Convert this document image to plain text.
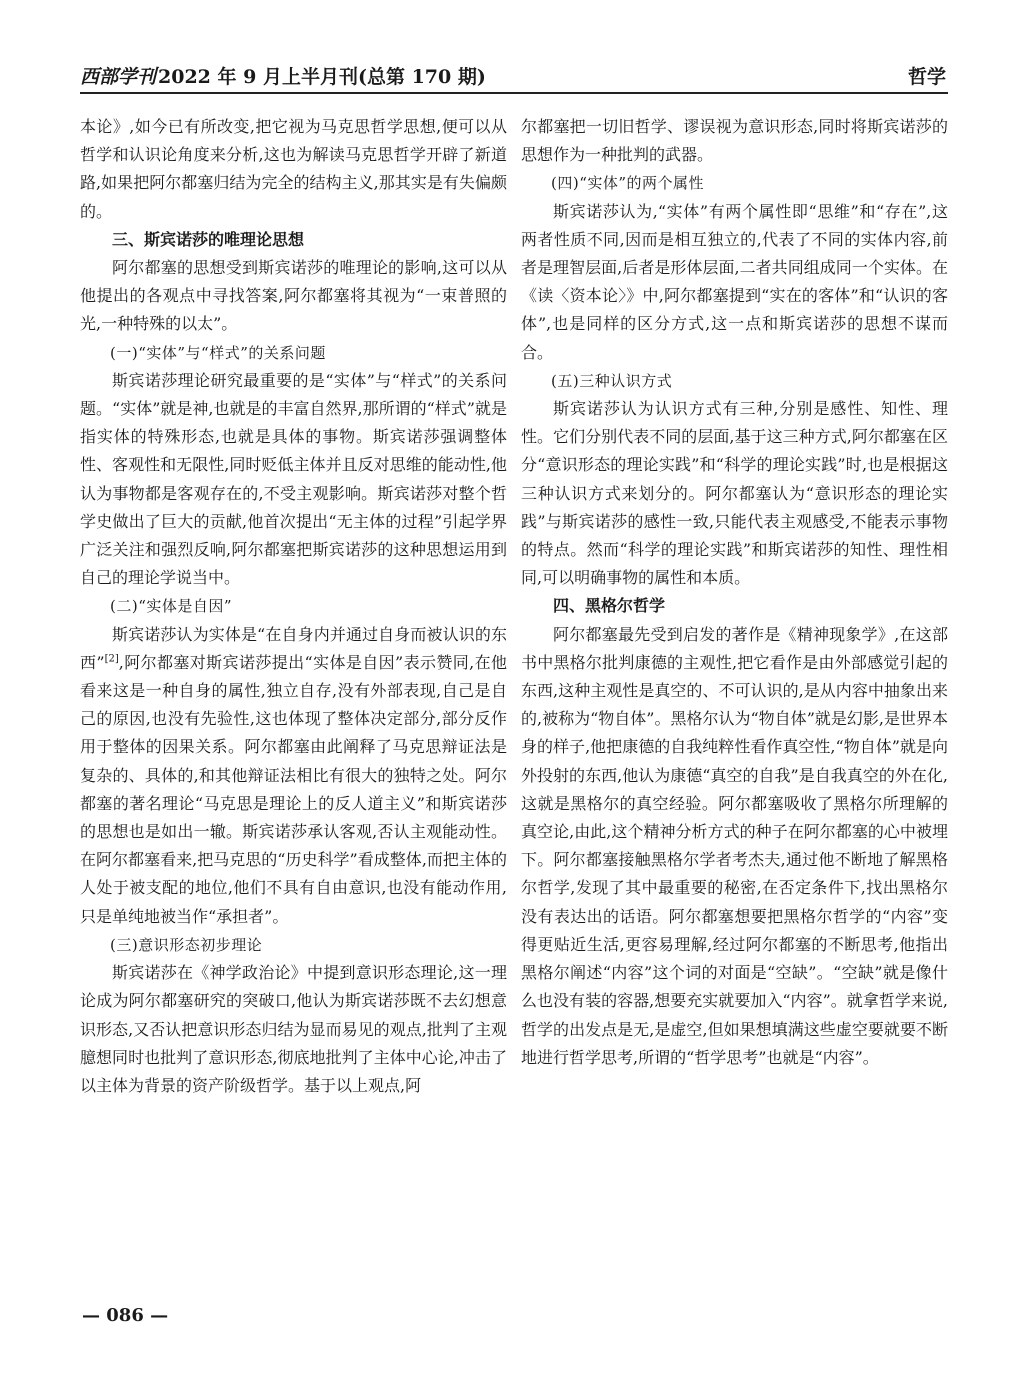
西部学刊 2022 年 9 月上半月刊(总第 170 期)	哲学

本论》,如今已有所改变,把它视为马克思哲学思想,便可以从哲学和认识论角度来分析,这也为解读马克思哲学开辟了新道路,如果把阿尔都塞归结为完全的结构主义,那其实是有失偏颇的。

三、斯宾诺莎的唯理论思想

阿尔都塞的思想受到斯宾诺莎的唯理论的影响,这可以从他提出的各观点中寻找答案,阿尔都塞将其视为“一束普照的光,一种特殊的以太”。

(一)“实体”与“样式”的关系问题

斯宾诺莎理论研究最重要的是“实体”与“样式”的关系问题。“实体”就是神,也就是的丰富自然界,那所谓的“样式”就是指实体的特殊形态,也就是具体的事物。斯宾诺莎强调整体性、客观性和无限性,同时贬低主体并且反对思维的能动性,他认为事物都是客观存在的,不受主观影响。斯宾诺莎对整个哲学史做出了巨大的贡献,他首次提出“无主体的过程”引起学界广泛关注和强烈反响,阿尔都塞把斯宾诺莎的这种思想运用到自己的理论学说当中。

(二)“实体是自因”

斯宾诺莎认为实体是“在自身内并通过自身而被认识的东西”[2],阿尔都塞对斯宾诺莎提出“实体是自因”表示赞同,在他看来这是一种自身的属性,独立自存,没有外部表现,自己是自己的原因,也没有先验性,这也体现了整体决定部分,部分反作用于整体的因果关系。阿尔都塞由此阐释了马克思辩证法是复杂的、具体的,和其他辩证法相比有很大的独特之处。阿尔都塞的著名理论“马克思是理论上的反人道主义”和斯宾诺莎的思想也是如出一辙。斯宾诺莎承认客观,否认主观能动性。在阿尔都塞看来,把马克思的“历史科学”看成整体,而把主体的人处于被支配的地位,他们不具有自由意识,也没有能动作用,只是单纯地被当作“承担者”。

(三)意识形态初步理论

斯宾诺莎在《神学政治论》中提到意识形态理论,这一理论成为阿尔都塞研究的突破口,他认为斯宾诺莎既不去幻想意识形态,又否认把意识形态归结为显而易见的观点,批判了主观臆想同时也批判了意识形态,彻底地批判了主体中心论,冲击了以主体为背景的资产阶级哲学。基于以上观点,阿

尔都塞把一切旧哲学、谬误视为意识形态,同时将斯宾诺莎的思想作为一种批判的武器。

(四)“实体”的两个属性

斯宾诺莎认为,“实体”有两个属性即“思维”和“存在”,这两者性质不同,因而是相互独立的,代表了不同的实体内容,前者是理智层面,后者是形体层面,二者共同组成同一个实体。在《读〈资本论〉》中,阿尔都塞提到“实在的客体”和“认识的客体”,也是同样的区分方式,这一点和斯宾诺莎的思想不谋而合。

(五)三种认识方式

斯宾诺莎认为认识方式有三种,分别是感性、知性、理性。它们分别代表不同的层面,基于这三种方式,阿尔都塞在区分“意识形态的理论实践”和“科学的理论实践”时,也是根据这三种认识方式来划分的。阿尔都塞认为“意识形态的理论实践”与斯宾诺莎的感性一致,只能代表主观感受,不能表示事物的特点。然而“科学的理论实践”和斯宾诺莎的知性、理性相同,可以明确事物的属性和本质。

四、黑格尔哲学

阿尔都塞最先受到启发的著作是《精神现象学》,在这部书中黑格尔批判康德的主观性,把它看作是由外部感觉引起的东西,这种主观性是真空的、不可认识的,是从内容中抽象出来的,被称为“物自体”。黑格尔认为“物自体”就是幻影,是世界本身的样子,他把康德的自我纯粹性看作真空性,“物自体”就是向外投射的东西,他认为康德“真空的自我”是自我真空的外在化,这就是黑格尔的真空经验。阿尔都塞吸收了黑格尔所理解的真空论,由此,这个精神分析方式的种子在阿尔都塞的心中被埋下。阿尔都塞接触黑格尔学者考杰夫,通过他不断地了解黑格尔哲学,发现了其中最重要的秘密,在否定条件下,找出黑格尔没有表达出的话语。阿尔都塞想要把黑格尔哲学的“内容”变得更贴近生活,更容易理解,经过阿尔都塞的不断思考,他指出黑格尔阐述“内容”这个词的对面是“空缺”。“空缺”就是像什么也没有装的容器,想要充实就要加入“内容”。就拿哲学来说,哲学的出发点是无,是虚空,但如果想填满这些虚空要就要不断地进行哲学思考,所谓的“哲学思考”也就是“内容”。

— 086 —
